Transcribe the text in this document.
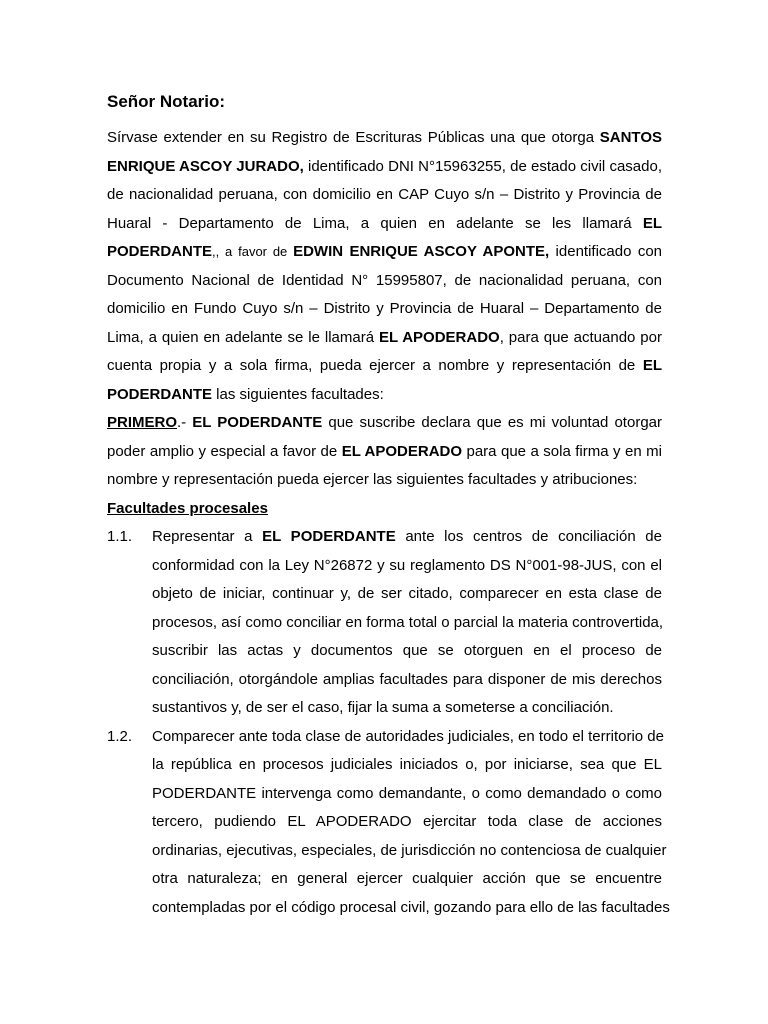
Señor Notario:

Sírvase extender en su Registro de Escrituras Públicas una que otorga SANTOS
ENRIQUE ASCOY JURADO, identificado DNI N°15963255, de estado civil casado,
de nacionalidad peruana, con domicilio en CAP Cuyo s/n – Distrito y Provincia de
Huaral - Departamento de Lima, a quien en adelante se les llamará EL
PODERDANTE,, a favor de EDWIN ENRIQUE ASCOY APONTE, identificado con
Documento Nacional de Identidad N° 15995807, de nacionalidad peruana, con
domicilio en Fundo Cuyo s/n – Distrito y Provincia de Huaral – Departamento de
Lima, a quien en adelante se le llamará EL APODERADO, para que actuando por
cuenta propia y a sola firma, pueda ejercer a nombre y representación de EL
PODERDANTE las siguientes facultades:
PRIMERO.- EL PODERDANTE que suscribe declara que es mi voluntad otorgar
poder amplio y especial a favor de EL APODERADO para que a sola firma y en mi
nombre y representación pueda ejercer las siguientes facultades y atribuciones:

Facultades procesales

1.1. Representar a EL PODERDANTE ante los centros de conciliación de
conformidad con la Ley N°26872 y su reglamento DS N°001-98-JUS, con el
objeto de iniciar, continuar y, de ser citado, comparecer en esta clase de
procesos, así como conciliar en forma total o parcial la materia controvertida,
suscribir las actas y documentos que se otorguen en el proceso de
conciliación, otorgándole amplias facultades para disponer de mis derechos
sustantivos y, de ser el caso, fijar la suma a someterse a conciliación.
1.2. Comparecer ante toda clase de autoridades judiciales, en todo el territorio de
la república en procesos judiciales iniciados o, por iniciarse, sea que EL
PODERDANTE intervenga como demandante, o como demandado o como
tercero, pudiendo EL APODERADO ejercitar toda clase de acciones
ordinarias, ejecutivas, especiales, de jurisdicción no contenciosa de cualquier
otra naturaleza; en general ejercer cualquier acción que se encuentre
contempladas por el código procesal civil, gozando para ello de las facultades
